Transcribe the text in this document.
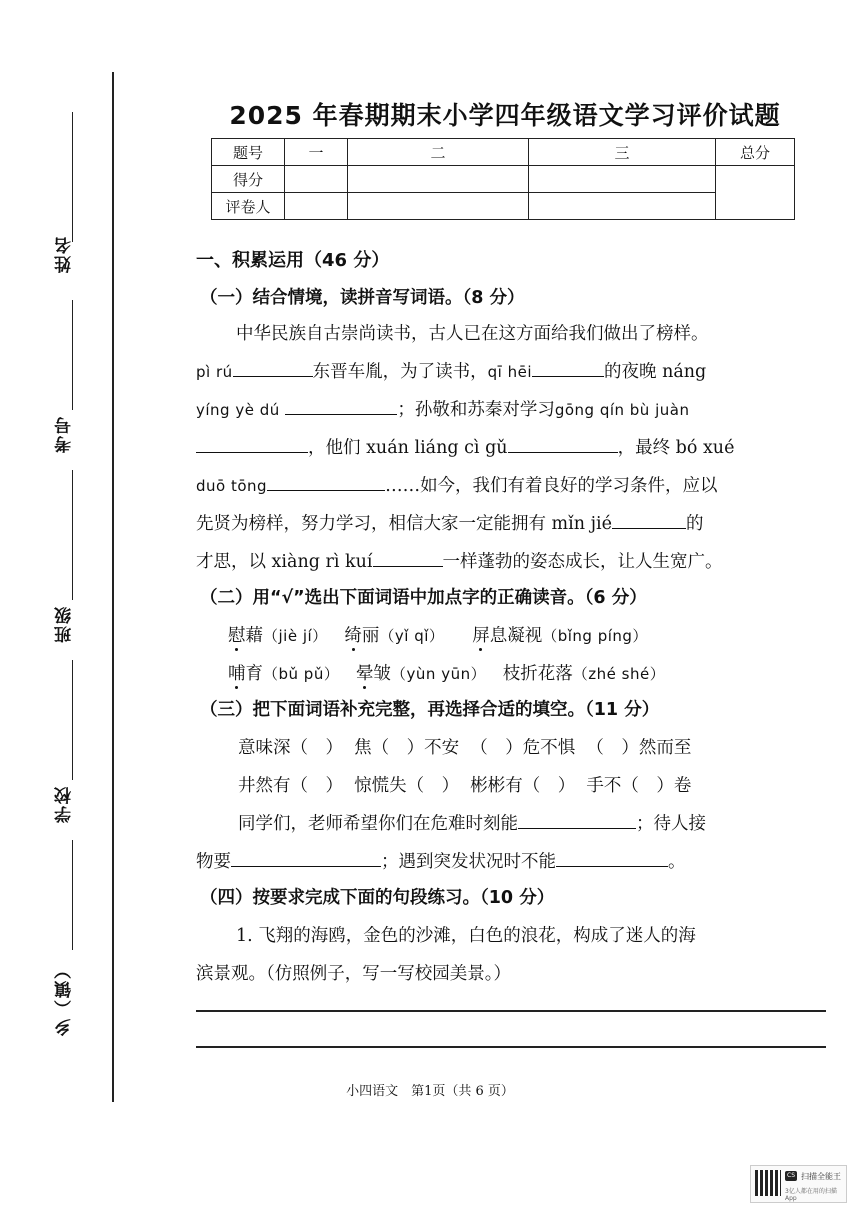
姓名
考号
班级
学校
乡（镇）
2025 年春期期末小学四年级语文学习评价试题
题号	一	二	三	总分
得分				
评卷人				
一、积累运用（46 分）
（一）结合情境，读拼音写词语。（8 分）
中华民族自古崇尚读书，古人已在这方面给我们做出了榜样。
pì rú	东晋车胤，为了读书，qī hēi	的夜晚 náng
yíng yè dú	；孙敬和苏秦对学习gōng qín bù juàn
，他们 xuán liáng cì gǔ	，最终 bó xué
duō tōng	……如今，我们有着良好的学习条件，应以
先贤为榜样，努力学习，相信大家一定能拥有 mǐn jié	的
才思，以 xiàng rì kuí	一样蓬勃的姿态成长，让人生宽广。
（二）用“√”选出下面词语中加点字的正确读音。（6 分）
慰藉（jiè jí） 绮丽（yǐ qǐ） 屏息凝视（bǐng píng）
哺育（bǔ pǔ） 晕皱（yùn yūn） 枝折花落（zhé shé）
（三）把下面词语补充完整，再选择合适的填空。（11 分）
意味深（　） 焦（　）不安 （　）危不惧 （　）然而至
井然有（　） 惊慌失（　） 彬彬有（　） 手不（　）卷
同学们，老师希望你们在危难时刻能	；待人接
物要	；遇到突发状况时不能	。
（四）按要求完成下面的句段练习。（10 分）
1. 飞翔的海鸥，金色的沙滩，白色的浪花，构成了迷人的海
滨景观。（仿照例子，写一写校园美景。）
小四语文　第1页（共 6 页）
CS 扫描全能王
3亿人都在用的扫描App
